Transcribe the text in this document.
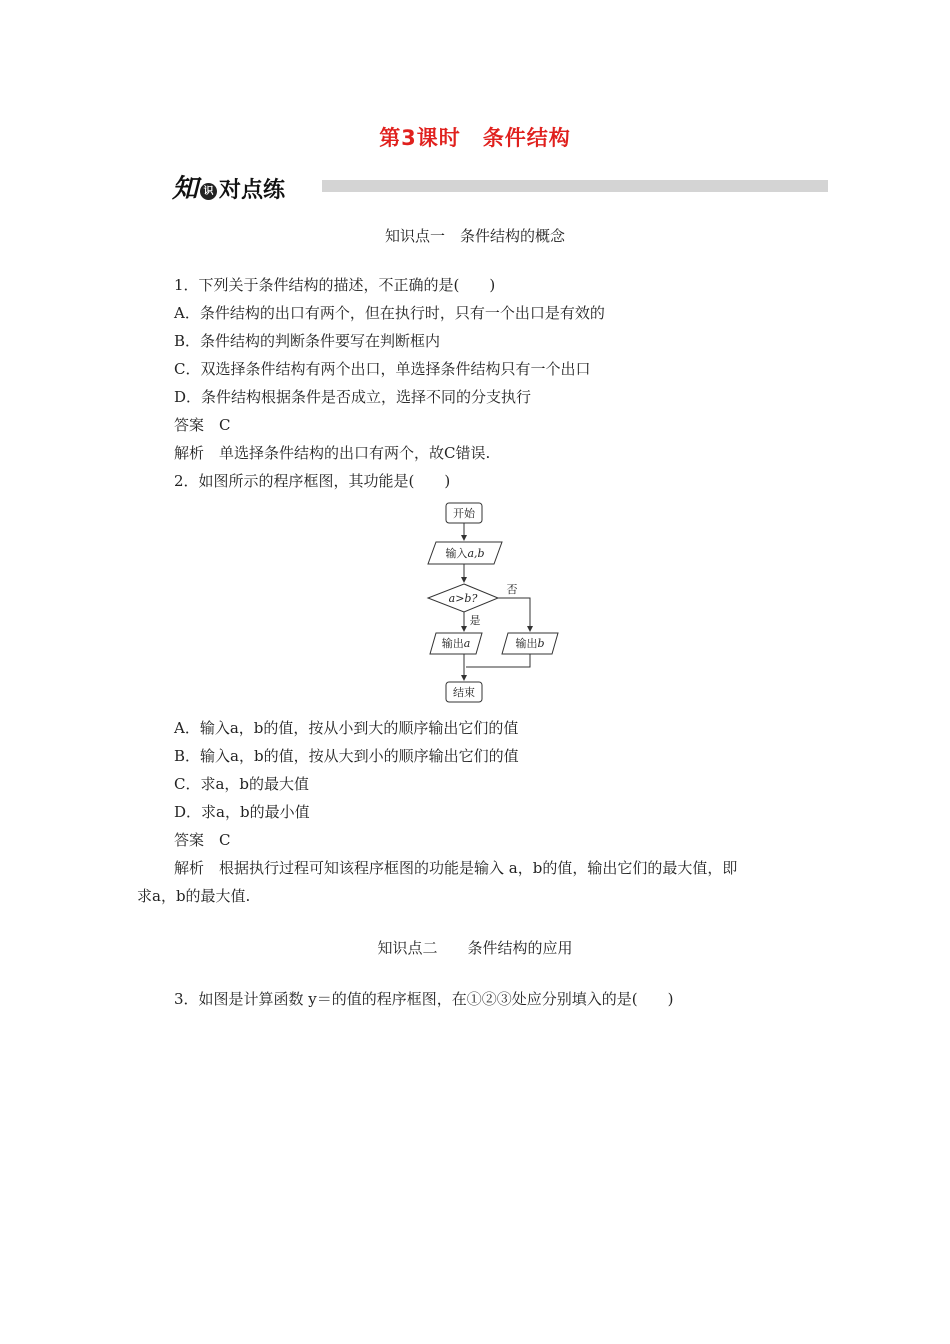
第3课时　条件结构
知 识 对点练
知识点一　条件结构的概念
1．下列关于条件结构的描述，不正确的是(　　)
A．条件结构的出口有两个，但在执行时，只有一个出口是有效的
B．条件结构的判断条件要写在判断框内
C．双选择条件结构有两个出口，单选择条件结构只有一个出口
D．条件结构根据条件是否成立，选择不同的分支执行
答案　C
解析　单选择条件结构的出口有两个，故C错误.
2．如图所示的程序框图，其功能是(　　)
开始
输入a,b
a>b?
否
是
输出a	输出b
结束
A．输入a，b的值，按从小到大的顺序输出它们的值
B．输入a，b的值，按从大到小的顺序输出它们的值
C．求a，b的最大值
D．求a，b的最小值
答案　C
解析　根据执行过程可知该程序框图的功能是输入 a，b的值，输出它们的最大值，即
求a，b的最大值.
知识点二　　条件结构的应用
3．如图是计算函数 y＝的值的程序框图，在①②③处应分别填入的是(　　)
